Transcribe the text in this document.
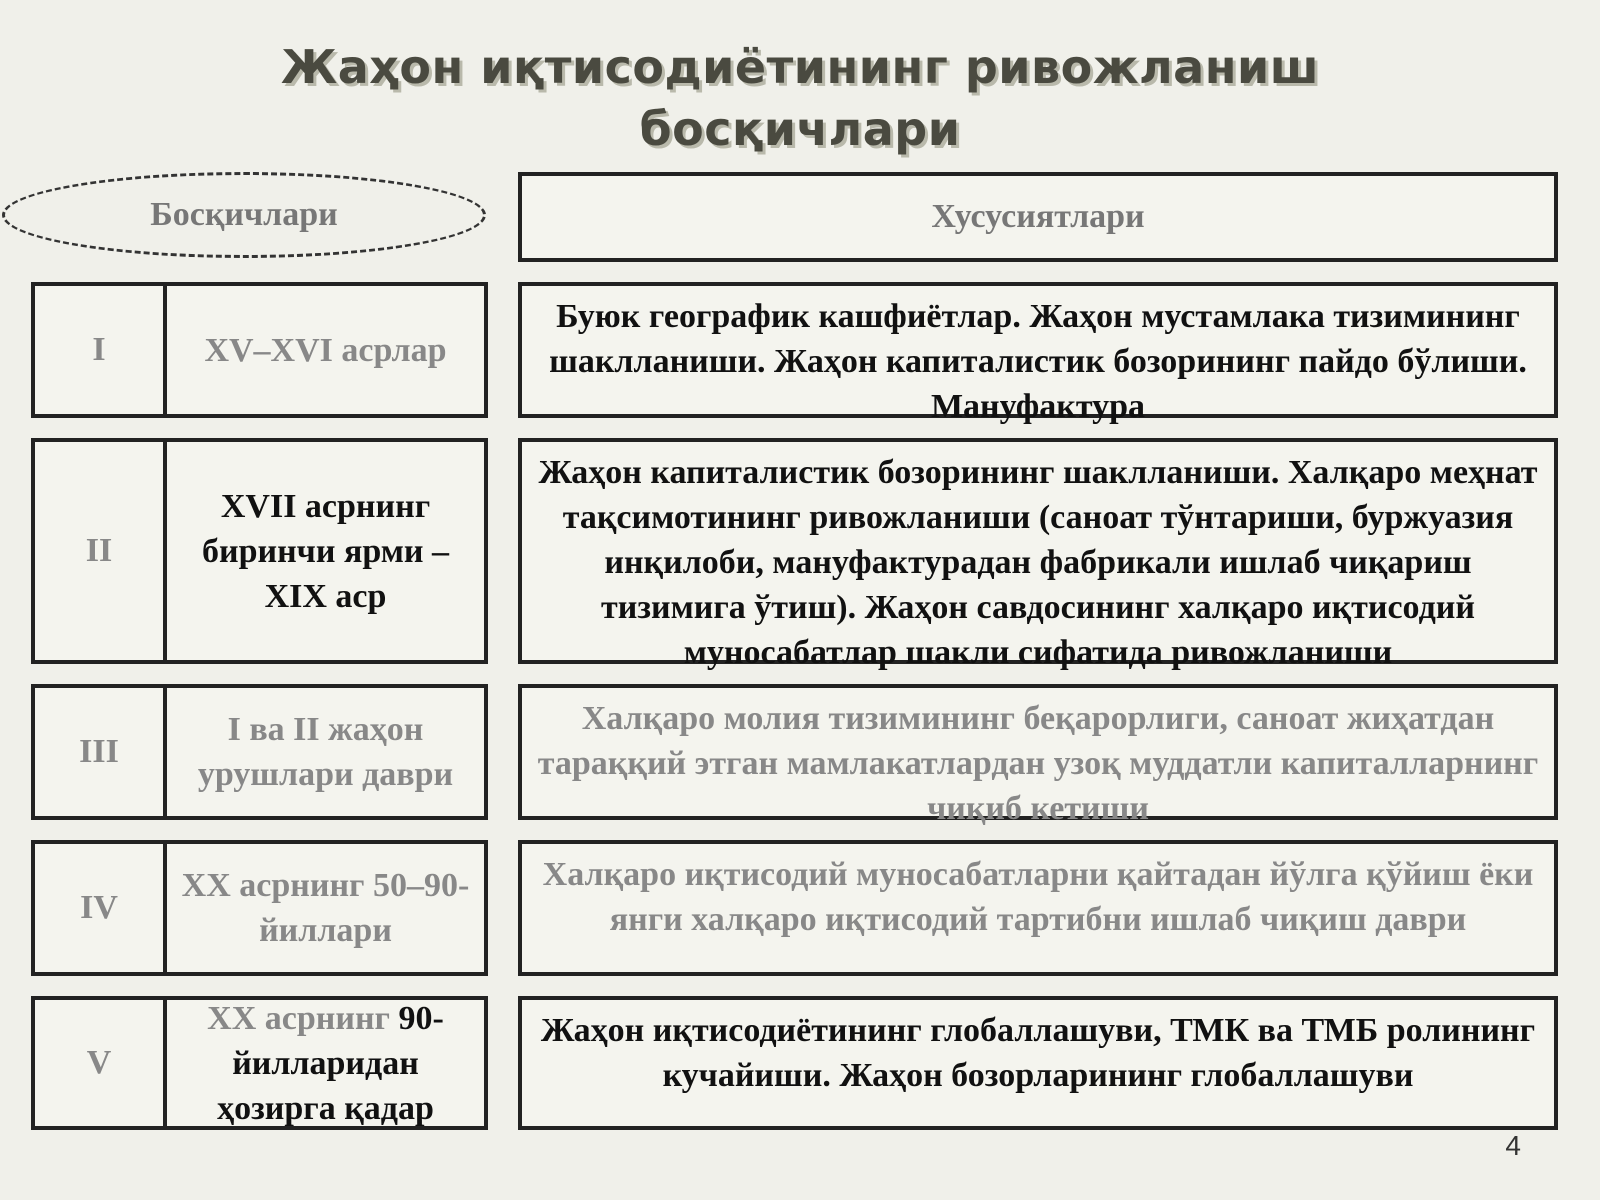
Жаҳон иқтисодиётининг ривожланиш
босқичлари
Босқичлари	Хусусиятлари
I	XV–XVI асрлар
Буюк географик кашфиётлар. Жаҳон мустамлака тизимининг шаклланиши. Жаҳон капиталистик бозорининг пайдо бўлиши. Мануфактура
II
XVII асрнинг биринчи ярми – XIX аср
Жаҳон капиталистик бозорининг шаклланиши. Халқаро меҳнат тақсимотининг ривожланиши (саноат тўнтариши, буржуазия инқилоби, мануфактурадан фабрикали ишлаб чиқариш тизимига ўтиш). Жаҳон савдосининг халқаро иқтисодий муносабатлар шакли сифатида ривожланиши
III
I ва II жаҳон урушлари даври
Халқаро молия тизимининг беқарорлиги, саноат жиҳатдан тараққий этган мамлакатлардан узоқ муддатли капиталларнинг чиқиб кетиши
IV
XX асрнинг 50–90-йиллари
Халқаро иқтисодий муносабатларни қайтадан йўлга қўйиш ёки янги халқаро иқтисодий тартибни ишлаб чиқиш даври
V
XX асрнинг 90-йилларидан ҳозирга қадар
Жаҳон иқтисодиётининг глобаллашуви, ТМК ва ТМБ ролининг кучайиши. Жаҳон бозорларининг глобаллашуви
4
